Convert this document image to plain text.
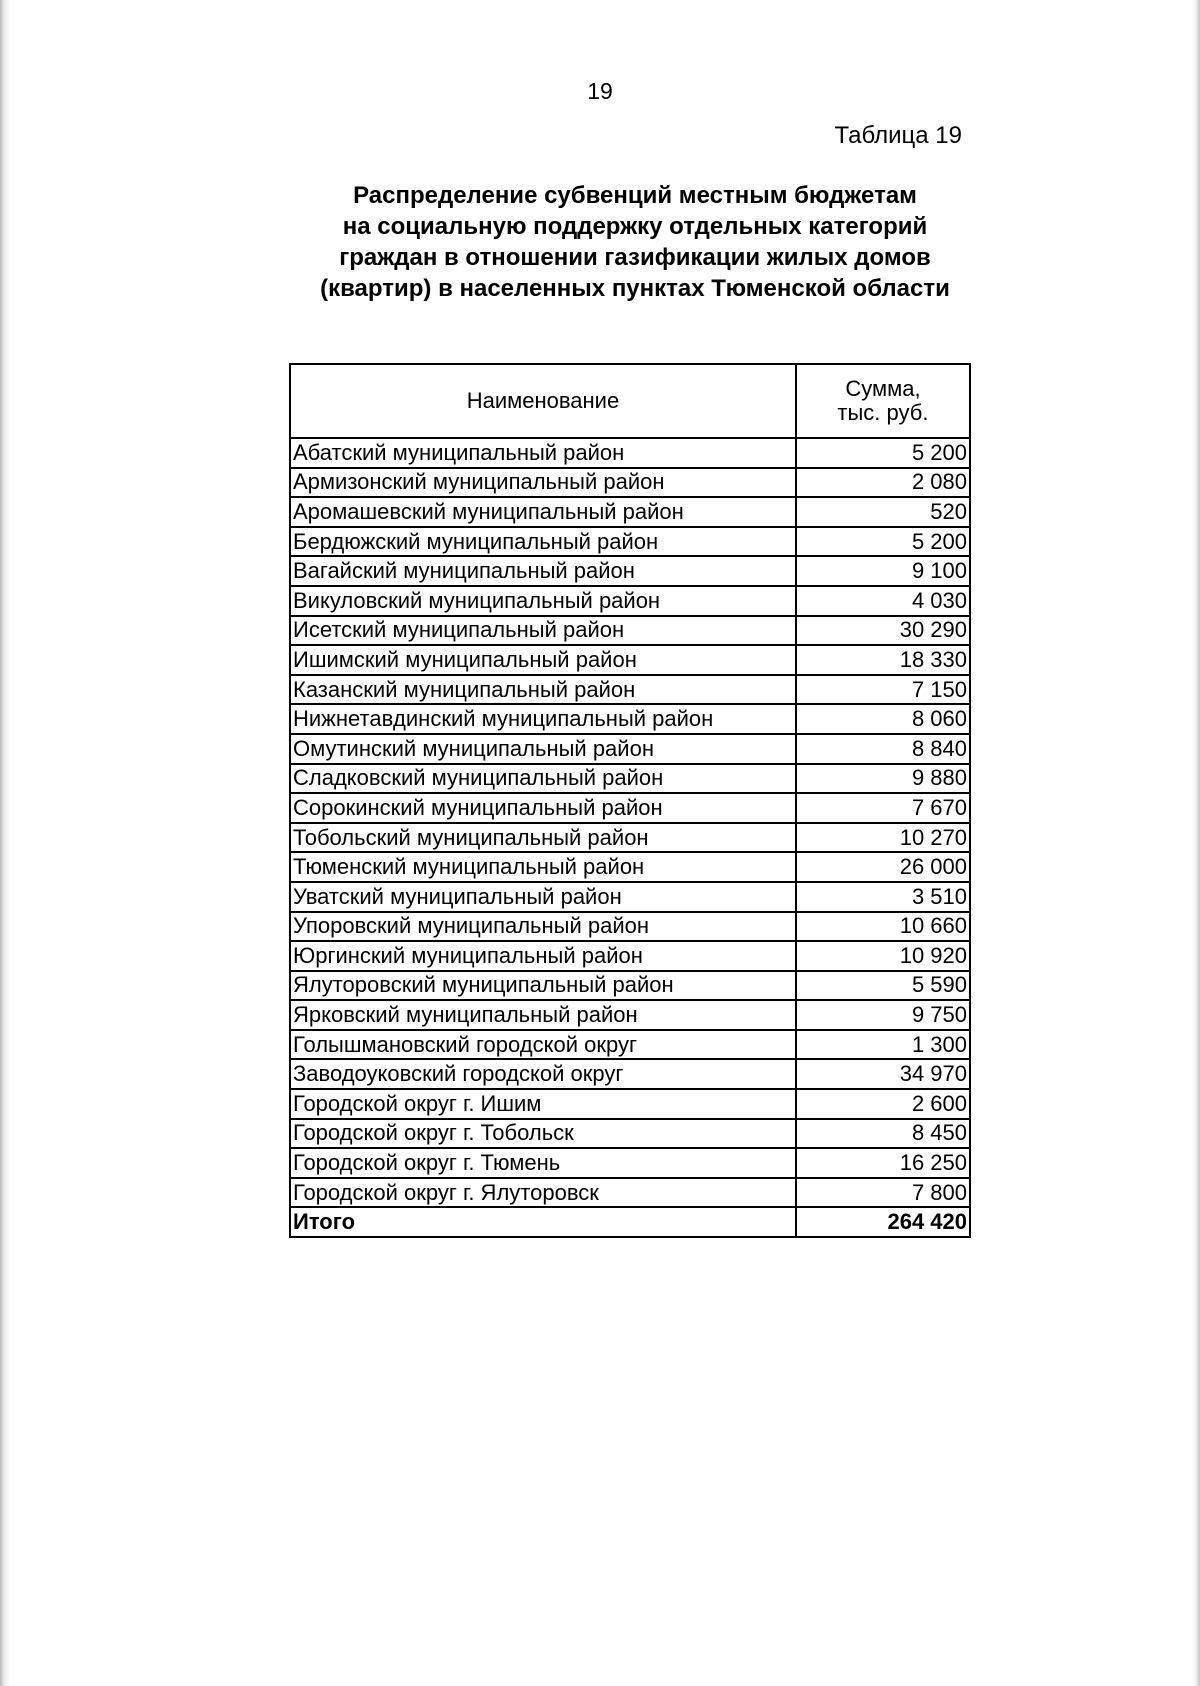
19
Таблица 19
Распределение субвенций местным бюджетам
на социальную поддержку отдельных категорий
граждан в отношении газификации жилых домов
(квартир) в населенных пунктах Тюменской области
Наименование	Сумма,
тыс. руб.

Абатский муниципальный район	5 200
Армизонский муниципальный район	2 080
Аромашевский муниципальный район	520
Бердюжский муниципальный район	5 200
Вагайский муниципальный район	9 100
Викуловский муниципальный район	4 030
Исетский муниципальный район	30 290
Ишимский муниципальный район	18 330
Казанский муниципальный район	7 150
Нижнетавдинский муниципальный район	8 060
Омутинский муниципальный район	8 840
Сладковский муниципальный район	9 880
Сорокинский муниципальный район	7 670
Тобольский муниципальный район	10 270
Тюменский муниципальный район	26 000
Уватский муниципальный район	3 510
Упоровский муниципальный район	10 660
Юргинский муниципальный район	10 920
Ялуторовский муниципальный район	5 590
Ярковский муниципальный район	9 750
Голышмановский городской округ	1 300
Заводоуковский городской округ	34 970
Городской округ г. Ишим	2 600
Городской округ г. Тобольск	8 450
Городской округ г. Тюмень	16 250
Городской округ г. Ялуторовск	7 800
Итого	264 420
